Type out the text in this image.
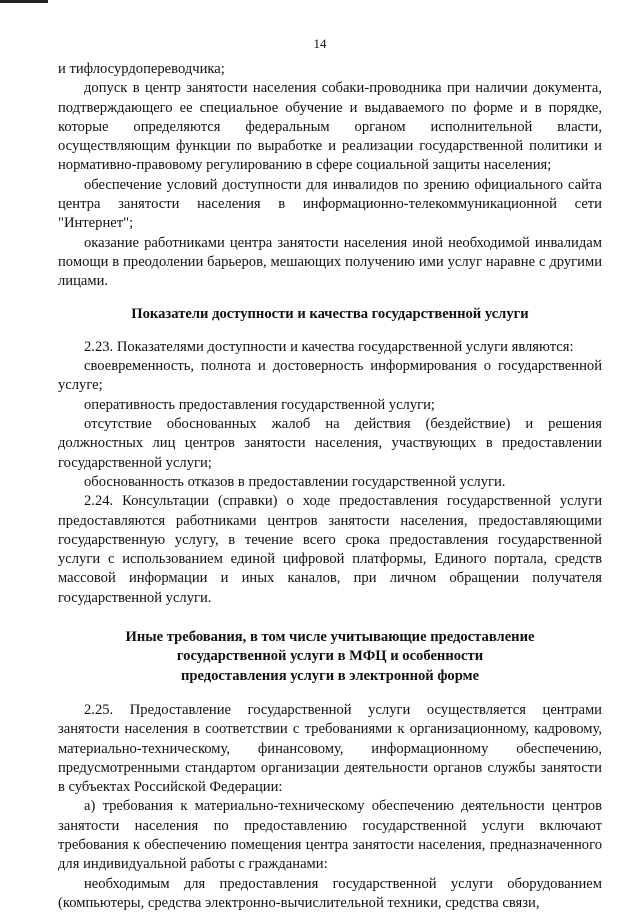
14

и тифлосурдопереводчика;

допуск в центр занятости населения собаки-проводника при наличии документа, подтверждающего ее специальное обучение и выдаваемого по форме и в порядке, которые определяются федеральным органом исполнительной власти, осуществляющим функции по выработке и реализации государственной политики и нормативно-правовому регулированию в сфере социальной защиты населения;

обеспечение условий доступности для инвалидов по зрению официального сайта центра занятости населения в информационно-телекоммуникационной сети "Интернет";

оказание работниками центра занятости населения иной необходимой инвалидам помощи в преодолении барьеров, мешающих получению ими услуг наравне с другими лицами.

Показатели доступности и качества государственной услуги

2.23. Показателями доступности и качества государственной услуги являются:

своевременность, полнота и достоверность информирования о государственной услуге;

оперативность предоставления государственной услуги;

отсутствие обоснованных жалоб на действия (бездействие) и решения должностных лиц центров занятости населения, участвующих в предоставлении государственной услуги;

обоснованность отказов в предоставлении государственной услуги.

2.24. Консультации (справки) о ходе предоставления государственной услуги предоставляются работниками центров занятости населения, предоставляющими государственную услугу, в течение всего срока предоставления государственной услуги с использованием единой цифровой платформы, Единого портала, средств массовой информации и иных каналов, при личном обращении получателя государственной услуги.

Иные требования, в том числе учитывающие предоставление
государственной услуги в МФЦ и особенности
предоставления услуги в электронной форме

2.25. Предоставление государственной услуги осуществляется центрами занятости населения в соответствии с требованиями к организационному, кадровому, материально-техническому, финансовому, информационному обеспечению, предусмотренными стандартом организации деятельности органов службы занятости в субъектах Российской Федерации:

а) требования к материально-техническому обеспечению деятельности центров занятости населения по предоставлению государственной услуги включают требования к обеспечению помещения центра занятости населения, предназначенного для индивидуальной работы с гражданами:

необходимым для предоставления государственной услуги оборудованием (компьютеры, средства электронно-вычислительной техники, средства связи,
